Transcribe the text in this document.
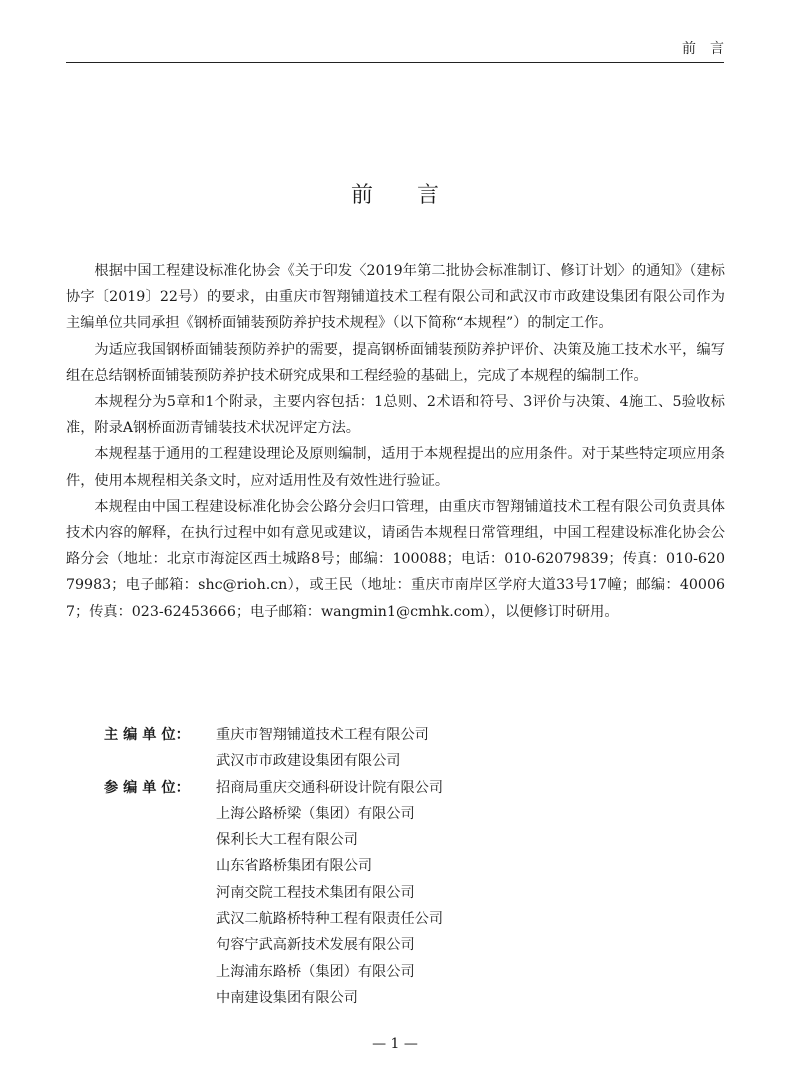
前言
前言

根据中国工程建设标准化协会《关于印发〈2019年第二批协会标准制订、修订计划〉的通知》（建标协字〔2019〕22号）的要求，由重庆市智翔铺道技术工程有限公司和武汉市市政建设集团有限公司作为主编单位共同承担《钢桥面铺装预防养护技术规程》（以下简称“本规程”）的制定工作。

为适应我国钢桥面铺装预防养护的需要，提高钢桥面铺装预防养护评价、决策及施工技术水平，编写组在总结钢桥面铺装预防养护技术研究成果和工程经验的基础上，完成了本规程的编制工作。

本规程分为5章和1个附录，主要内容包括：1总则、2术语和符号、3评价与决策、4施工、5验收标准，附录A钢桥面沥青铺装技术状况评定方法。

本规程基于通用的工程建设理论及原则编制，适用于本规程提出的应用条件。对于某些特定项应用条件，使用本规程相关条文时，应对适用性及有效性进行验证。

本规程由中国工程建设标准化协会公路分会归口管理，由重庆市智翔铺道技术工程有限公司负责具体技术内容的解释，在执行过程中如有意见或建议，请函告本规程日常管理组，中国工程建设标准化协会公路分会（地址：北京市海淀区西土城路8号；邮编：100088；电话：010-62079839；传真：010-62079983；电子邮箱：shc@rioh.cn），或王民（地址：重庆市南岸区学府大道33号17幢；邮编：400067；传真：023-62453666；电子邮箱：wangmin1@cmhk.com），以便修订时研用。

主 编 单 位：	重庆市智翔铺道技术工程有限公司
武汉市市政建设集团有限公司
参 编 单 位：	招商局重庆交通科研设计院有限公司
上海公路桥梁（集团）有限公司
保利长大工程有限公司
山东省路桥集团有限公司
河南交院工程技术集团有限公司
武汉二航路桥特种工程有限责任公司
句容宁武高新技术发展有限公司
上海浦东路桥（集团）有限公司
中南建设集团有限公司
— 1 —
